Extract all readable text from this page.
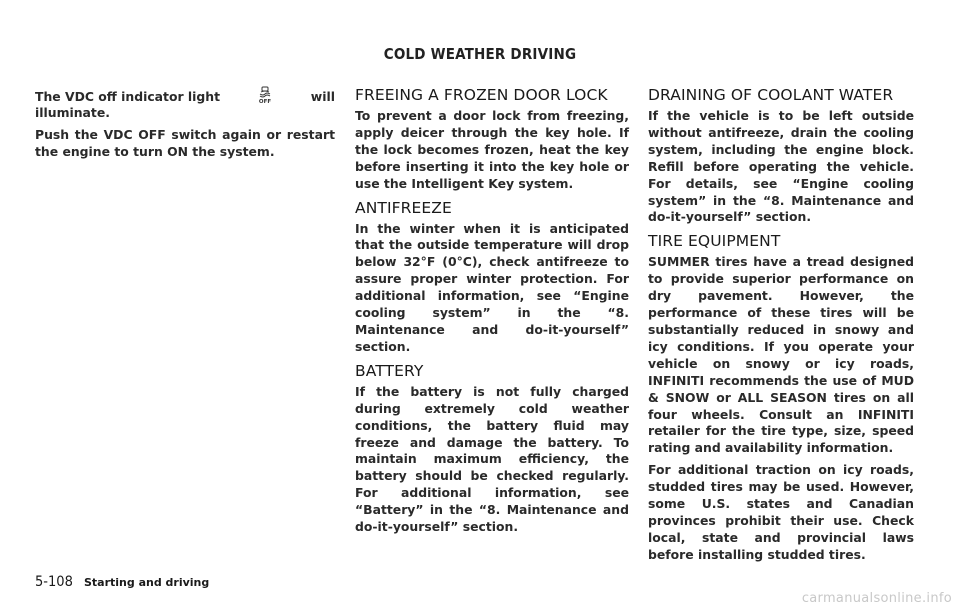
COLD WEATHER DRIVING
The VDC off indicator light	OFF	will

illuminate.

Push the VDC OFF switch again or restart the engine to turn ON the system.

FREEING A FROZEN DOOR LOCK

To prevent a door lock from freezing, apply deicer through the key hole. If the lock becomes frozen, heat the key before inserting it into the key hole or use the Intelligent Key system.

ANTIFREEZE

In the winter when it is anticipated that the outside temperature will drop below 32°F (0°C), check antifreeze to assure proper winter protection. For additional information, see “Engine cooling system” in the “8. Maintenance and do-it-yourself” section.

BATTERY

If the battery is not fully charged during extremely cold weather conditions, the battery fluid may freeze and damage the battery. To maintain maximum efficiency, the battery should be checked regularly. For additional information, see “Battery” in the “8. Maintenance and do-it-yourself” section.

DRAINING OF COOLANT WATER

If the vehicle is to be left outside without antifreeze, drain the cooling system, including the engine block. Refill before operating the vehicle. For details, see “Engine cooling system” in the “8. Maintenance and do-it-yourself” section.

TIRE EQUIPMENT

SUMMER tires have a tread designed to provide superior performance on dry pavement. However, the performance of these tires will be substantially reduced in snowy and icy conditions. If you operate your vehicle on snowy or icy roads, INFINITI recommends the use of MUD & SNOW or ALL SEASON tires on all four wheels. Consult an INFINITI retailer for the tire type, size, speed rating and availability information.

For additional traction on icy roads, studded tires may be used. However, some U.S. states and Canadian provinces prohibit their use. Check local, state and provincial laws before installing studded tires.

5-108 Starting and driving
carmanualsonline.info
